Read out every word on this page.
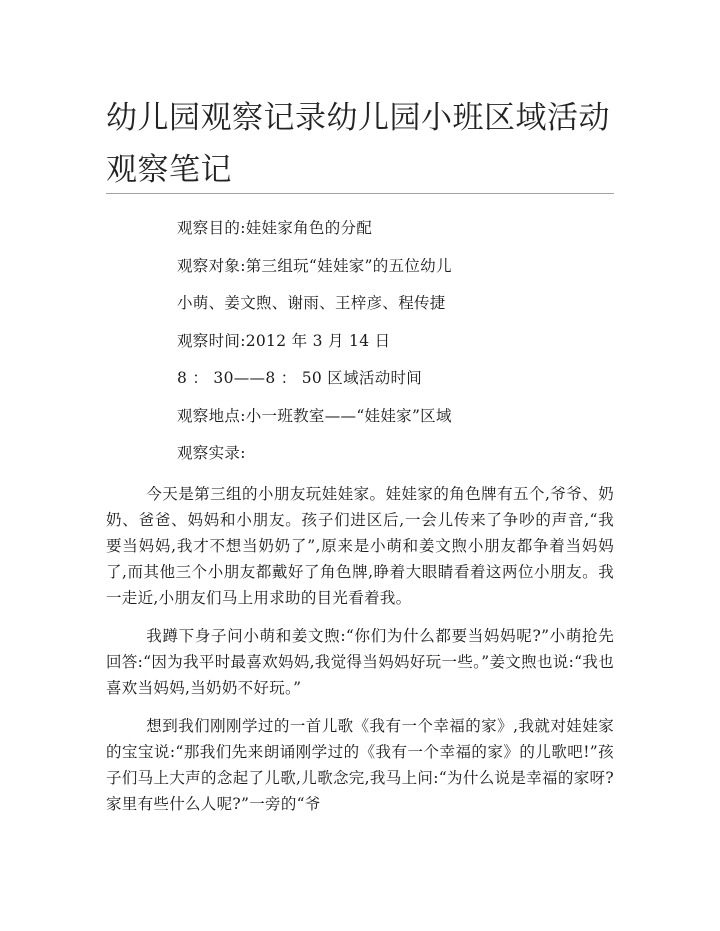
幼儿园观察记录幼儿园小班区域活动观察笔记
观察目的:娃娃家角色的分配
观察对象:第三组玩“娃娃家”的五位幼儿
小萌、姜文煦、谢雨、王梓彦、程传捷
观察时间:2012 年 3 月 14 日
8 ： 30——8 ： 50 区域活动时间
观察地点:小一班教室——“娃娃家”区域
观察实录:

今天是第三组的小朋友玩娃娃家。娃娃家的角色牌有五个,爷爷、奶奶、爸爸、妈妈和小朋友。孩子们进区后,一会儿传来了争吵的声音,“我要当妈妈,我才不想当奶奶了”,原来是小萌和姜文煦小朋友都争着当妈妈了,而其他三个小朋友都戴好了角色牌,睁着大眼睛看着这两位小朋友。我一走近,小朋友们马上用求助的目光看着我。

我蹲下身子问小萌和姜文煦:“你们为什么都要当妈妈呢?”小萌抢先回答:“因为我平时最喜欢妈妈,我觉得当妈妈好玩一些。”姜文煦也说:“我也喜欢当妈妈,当奶奶不好玩。”

想到我们刚刚学过的一首儿歌《我有一个幸福的家》,我就对娃娃家的宝宝说:“那我们先来朗诵刚学过的《我有一个幸福的家》的儿歌吧!”孩子们马上大声的念起了儿歌,儿歌念完,我马上问:“为什么说是幸福的家呀?家里有些什么人呢?”一旁的“爷
